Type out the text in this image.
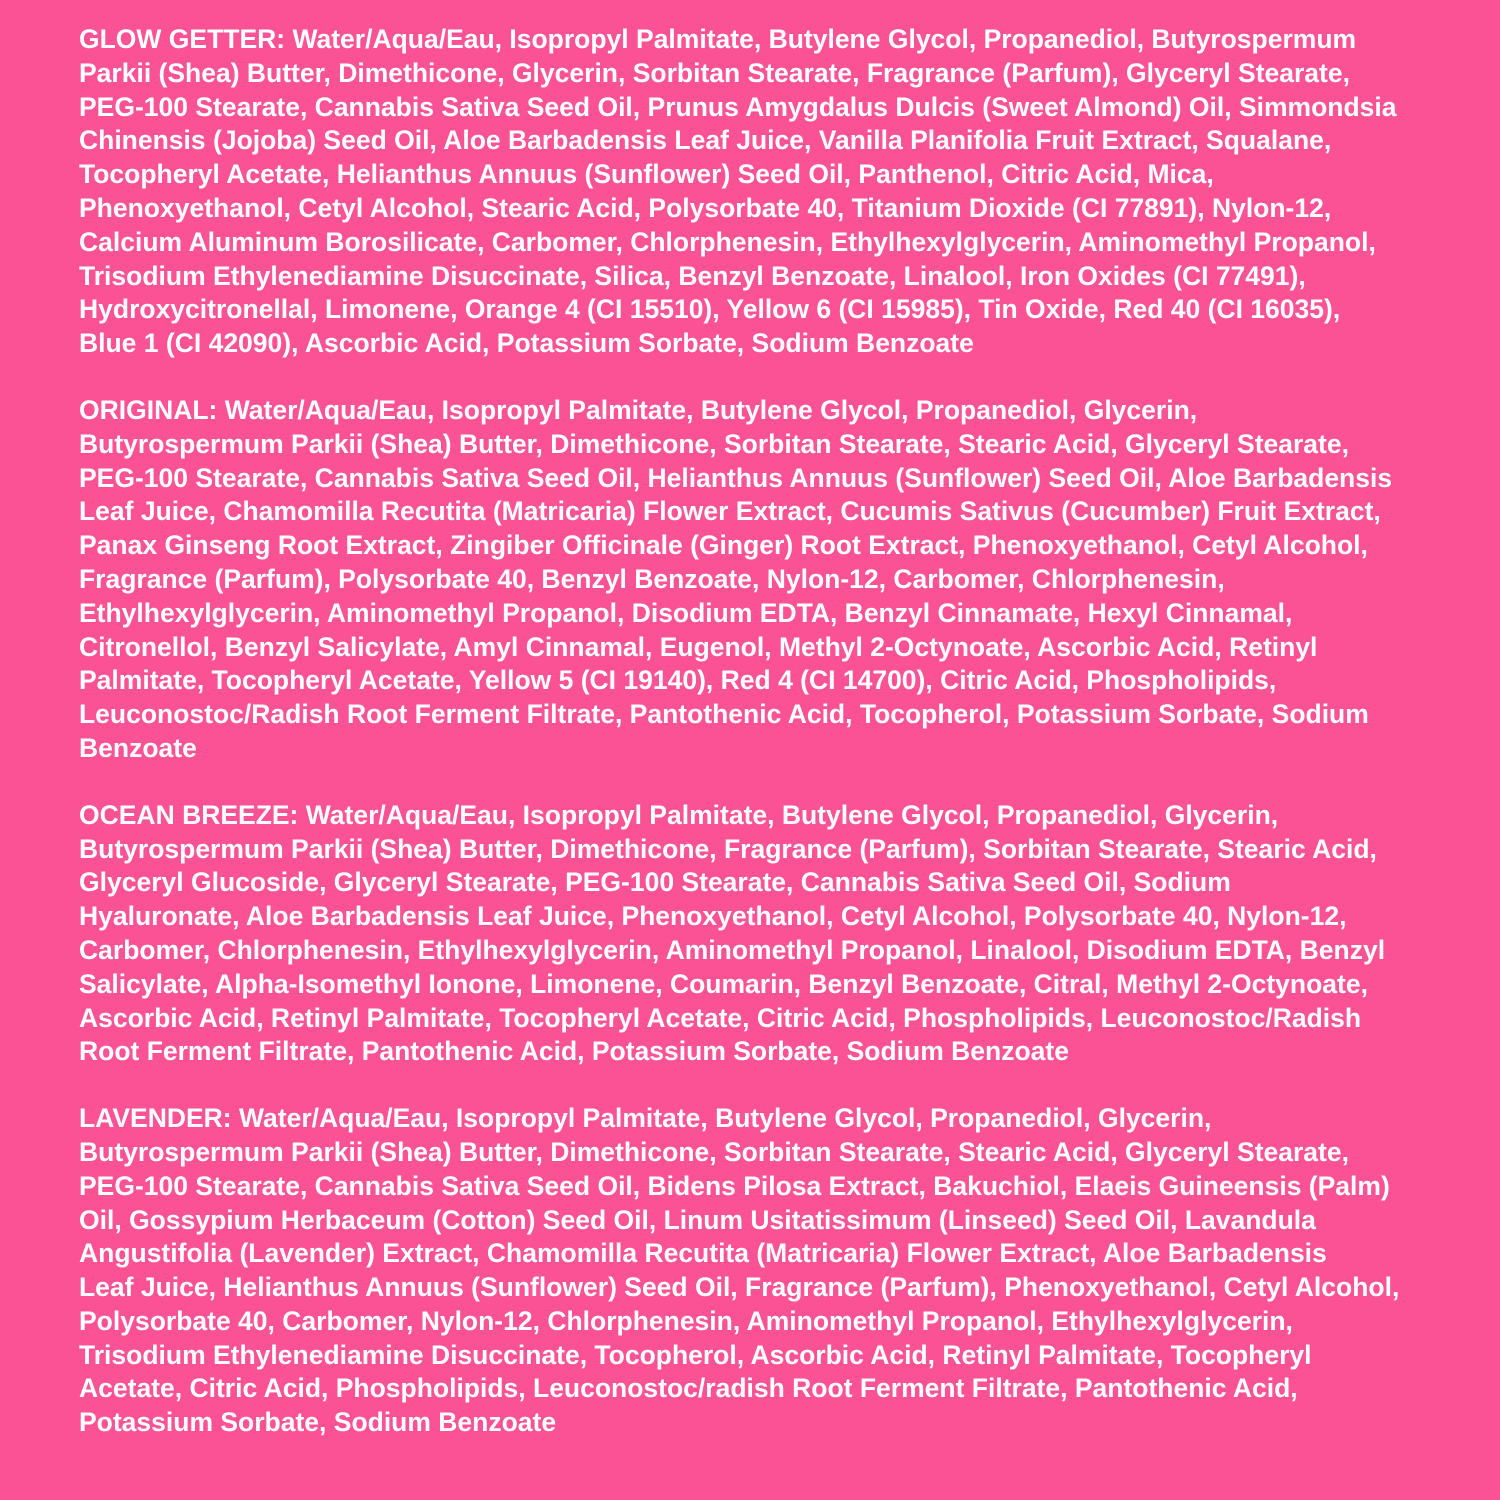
GLOW GETTER: Water/Aqua/Eau, Isopropyl Palmitate, Butylene Glycol, Propanediol, Butyrospermum
Parkii (Shea) Butter, Dimethicone, Glycerin, Sorbitan Stearate, Fragrance (Parfum), Glyceryl Stearate,
PEG-100 Stearate, Cannabis Sativa Seed Oil, Prunus Amygdalus Dulcis (Sweet Almond) Oil, Simmondsia
Chinensis (Jojoba) Seed Oil, Aloe Barbadensis Leaf Juice, Vanilla Planifolia Fruit Extract, Squalane,
Tocopheryl Acetate, Helianthus Annuus (Sunflower) Seed Oil, Panthenol, Citric Acid, Mica,
Phenoxyethanol, Cetyl Alcohol, Stearic Acid, Polysorbate 40, Titanium Dioxide (CI 77891), Nylon-12,
Calcium Aluminum Borosilicate, Carbomer, Chlorphenesin, Ethylhexylglycerin, Aminomethyl Propanol,
Trisodium Ethylenediamine Disuccinate, Silica, Benzyl Benzoate, Linalool, Iron Oxides (CI 77491),
Hydroxycitronellal, Limonene, Orange 4 (CI 15510), Yellow 6 (CI 15985), Tin Oxide, Red 40 (CI 16035),
Blue 1 (CI 42090), Ascorbic Acid, Potassium Sorbate, Sodium Benzoate
ORIGINAL: Water/Aqua/Eau, Isopropyl Palmitate, Butylene Glycol, Propanediol, Glycerin,
Butyrospermum Parkii (Shea) Butter, Dimethicone, Sorbitan Stearate, Stearic Acid, Glyceryl Stearate,
PEG-100 Stearate, Cannabis Sativa Seed Oil, Helianthus Annuus (Sunflower) Seed Oil, Aloe Barbadensis
Leaf Juice, Chamomilla Recutita (Matricaria) Flower Extract, Cucumis Sativus (Cucumber) Fruit Extract,
Panax Ginseng Root Extract, Zingiber Officinale (Ginger) Root Extract, Phenoxyethanol, Cetyl Alcohol,
Fragrance (Parfum), Polysorbate 40, Benzyl Benzoate, Nylon-12, Carbomer, Chlorphenesin,
Ethylhexylglycerin, Aminomethyl Propanol, Disodium EDTA, Benzyl Cinnamate, Hexyl Cinnamal,
Citronellol, Benzyl Salicylate, Amyl Cinnamal, Eugenol, Methyl 2-Octynoate, Ascorbic Acid, Retinyl
Palmitate, Tocopheryl Acetate, Yellow 5 (CI 19140), Red 4 (CI 14700), Citric Acid, Phospholipids,
Leuconostoc/Radish Root Ferment Filtrate, Pantothenic Acid, Tocopherol, Potassium Sorbate, Sodium
Benzoate
OCEAN BREEZE: Water/Aqua/Eau, Isopropyl Palmitate, Butylene Glycol, Propanediol, Glycerin,
Butyrospermum Parkii (Shea) Butter, Dimethicone, Fragrance (Parfum), Sorbitan Stearate, Stearic Acid,
Glyceryl Glucoside, Glyceryl Stearate, PEG-100 Stearate, Cannabis Sativa Seed Oil, Sodium
Hyaluronate, Aloe Barbadensis Leaf Juice, Phenoxyethanol, Cetyl Alcohol, Polysorbate 40, Nylon-12,
Carbomer, Chlorphenesin, Ethylhexylglycerin, Aminomethyl Propanol, Linalool, Disodium EDTA, Benzyl
Salicylate, Alpha-Isomethyl Ionone, Limonene, Coumarin, Benzyl Benzoate, Citral, Methyl 2-Octynoate,
Ascorbic Acid, Retinyl Palmitate, Tocopheryl Acetate, Citric Acid, Phospholipids, Leuconostoc/Radish
Root Ferment Filtrate, Pantothenic Acid, Potassium Sorbate, Sodium Benzoate
LAVENDER: Water/Aqua/Eau, Isopropyl Palmitate, Butylene Glycol, Propanediol, Glycerin,
Butyrospermum Parkii (Shea) Butter, Dimethicone, Sorbitan Stearate, Stearic Acid, Glyceryl Stearate,
PEG-100 Stearate, Cannabis Sativa Seed Oil, Bidens Pilosa Extract, Bakuchiol, Elaeis Guineensis (Palm)
Oil, Gossypium Herbaceum (Cotton) Seed Oil, Linum Usitatissimum (Linseed) Seed Oil, Lavandula
Angustifolia (Lavender) Extract, Chamomilla Recutita (Matricaria) Flower Extract, Aloe Barbadensis
Leaf Juice, Helianthus Annuus (Sunflower) Seed Oil, Fragrance (Parfum), Phenoxyethanol, Cetyl Alcohol,
Polysorbate 40, Carbomer, Nylon-12, Chlorphenesin, Aminomethyl Propanol, Ethylhexylglycerin,
Trisodium Ethylenediamine Disuccinate, Tocopherol, Ascorbic Acid, Retinyl Palmitate, Tocopheryl
Acetate, Citric Acid, Phospholipids, Leuconostoc/radish Root Ferment Filtrate, Pantothenic Acid,
Potassium Sorbate, Sodium Benzoate
